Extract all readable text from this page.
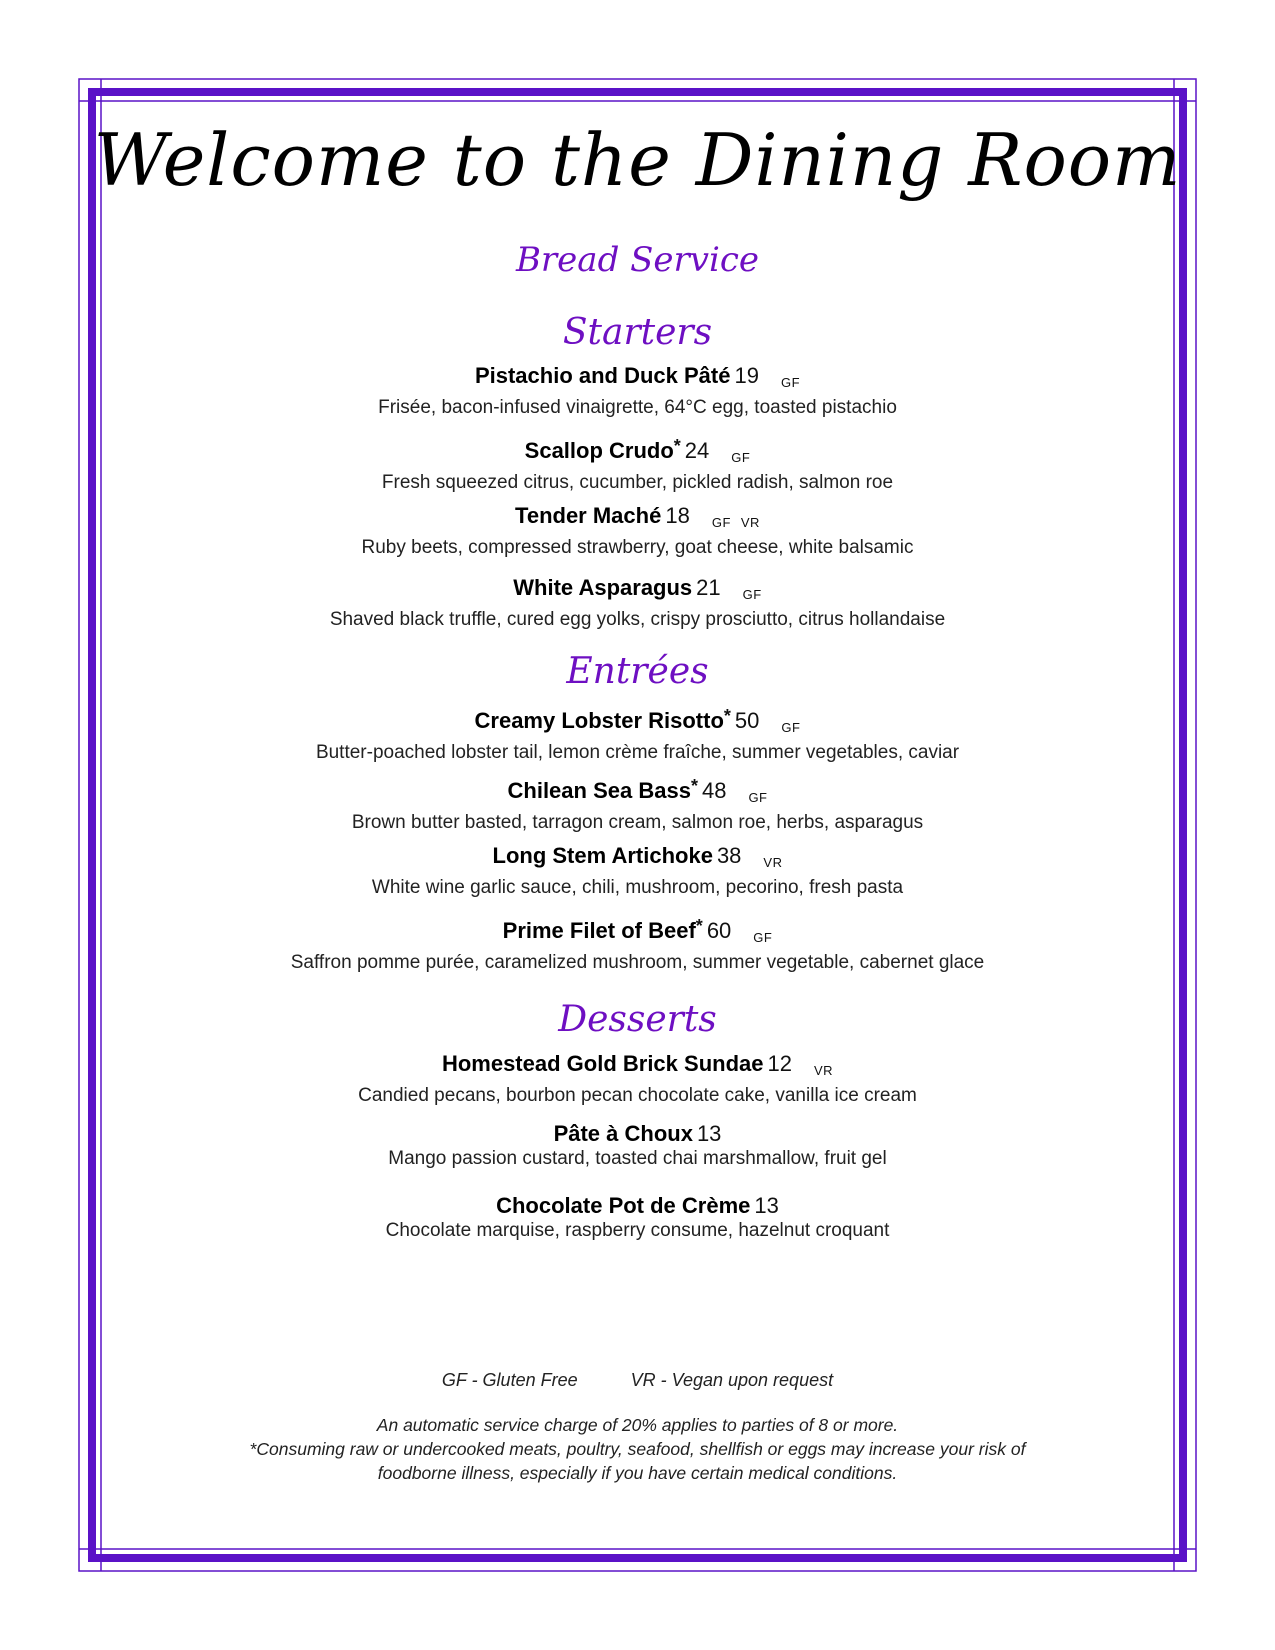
Welcome to the Dining Room
Bread Service
Starters
Pistachio and Duck Pâté 19 GF
Frisée, bacon-infused vinaigrette, 64°C egg, toasted pistachio
Scallop Crudo* 24 GF
Fresh squeezed citrus, cucumber, pickled radish, salmon roe
Tender Maché 18 GF VR
Ruby beets, compressed strawberry, goat cheese, white balsamic
White Asparagus 21 GF
Shaved black truffle, cured egg yolks, crispy prosciutto, citrus hollandaise
Entrées
Creamy Lobster Risotto* 50 GF
Butter-poached lobster tail, lemon crème fraîche, summer vegetables, caviar
Chilean Sea Bass* 48 GF
Brown butter basted, tarragon cream, salmon roe, herbs, asparagus
Long Stem Artichoke 38 VR
White wine garlic sauce, chili, mushroom, pecorino, fresh pasta
Prime Filet of Beef* 60 GF
Saffron pomme purée, caramelized mushroom, summer vegetable, cabernet glace
Desserts
Homestead Gold Brick Sundae 12 VR
Candied pecans, bourbon pecan chocolate cake, vanilla ice cream
Pâte à Choux 13
Mango passion custard, toasted chai marshmallow, fruit gel
Chocolate Pot de Crème 13
Chocolate marquise, raspberry consume, hazelnut croquant
GF - Gluten Free	VR - Vegan upon request
An automatic service charge of 20% applies to parties of 8 or more.
*Consuming raw or undercooked meats, poultry, seafood, shellfish or eggs may increase your risk of
foodborne illness, especially if you have certain medical conditions.
